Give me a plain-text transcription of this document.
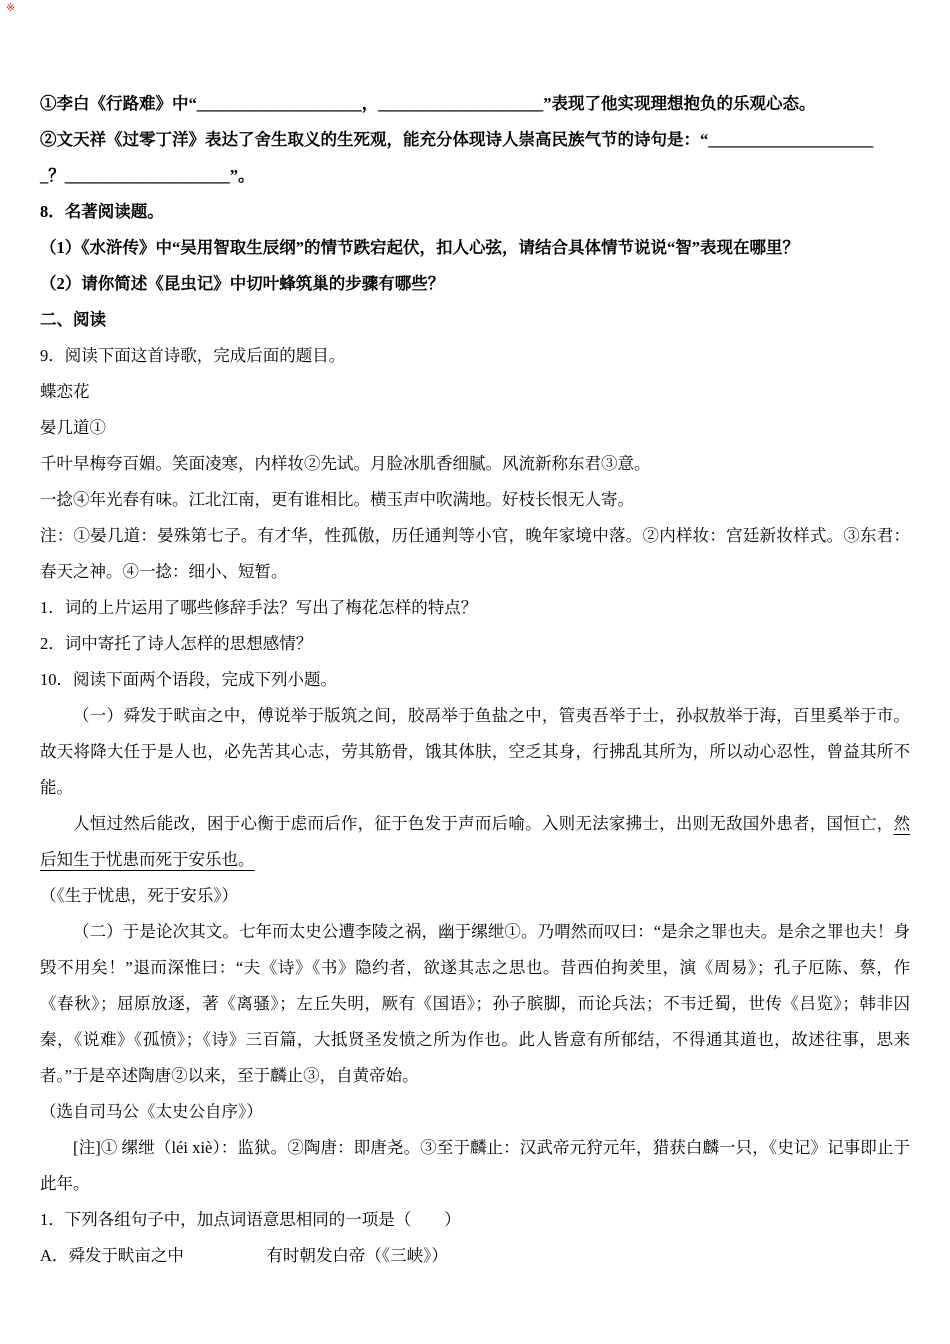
※

①李白《行路难》中“____________________，____________________”表现了他实现理想抱负的乐观心态。

②文天祥《过零丁洋》表达了舍生取义的生死观，能充分体现诗人崇高民族气节的诗句是：“____________________

_？____________________”。

8．名著阅读题。

（1）《水浒传》中“吴用智取生辰纲”的情节跌宕起伏，扣人心弦，请结合具体情节说说“智”表现在哪里？

（2）请你简述《昆虫记》中切叶蜂筑巢的步骤有哪些？

二、阅读

9．阅读下面这首诗歌，完成后面的题目。

蝶恋花

晏几道①

千叶早梅夸百媚。笑面凌寒，内样妆②先试。月脸冰肌香细腻。风流新称东君③意。

一捻④年光春有味。江北江南，更有谁相比。横玉声中吹满地。好枝长恨无人寄。

注：①晏几道：晏殊第七子。有才华，性孤傲，历任通判等小官，晚年家境中落。②内样妆：宫廷新妆样式。③东君：春天之神。④一捻：细小、短暂。

1．词的上片运用了哪些修辞手法？写出了梅花怎样的特点？

2．词中寄托了诗人怎样的思想感情？

10．阅读下面两个语段，完成下列小题。

（一）舜发于畎亩之中，傅说举于版筑之间，胶鬲举于鱼盐之中，管夷吾举于士，孙叔敖举于海，百里奚举于市。故天将降大任于是人也，必先苦其心志，劳其筋骨，饿其体肤，空乏其身，行拂乱其所为，所以动心忍性，曾益其所不能。

人恒过然后能改，困于心衡于虑而后作，征于色发于声而后喻。入则无法家拂士，出则无敌国外患者，国恒亡，然后知生于忧患而死于安乐也。

（《生于忧患，死于安乐》）

（二）于是论次其文。七年而太史公遭李陵之祸，幽于缧绁①。乃喟然而叹曰：“是余之罪也夫。是余之罪也夫！身毁不用矣！”退而深惟曰：“夫《诗》《书》隐约者，欲遂其志之思也。昔西伯拘羑里，演《周易》；孔子厄陈、蔡，作《春秋》；屈原放逐，著《离骚》；左丘失明，厥有《国语》；孙子膑脚，而论兵法；不韦迁蜀，世传《吕览》；韩非囚秦，《说难》《孤愤》；《诗》三百篇，大抵贤圣发愤之所为作也。此人皆意有所郁结，不得通其道也，故述往事，思来者。”于是卒述陶唐②以来，至于麟止③，自黄帝始。

（选自司马公《太史公自序》）

[注]① 缧绁（léi xiè）：监狱。②陶唐：即唐尧。③至于麟止：汉武帝元狩元年，猎获白麟一只，《史记》记事即止于此年。

1．下列各组句子中，加点词语意思相同的一项是（　　）

A．舜发于畎亩之中　　　　　有时朝发白帝（《三峡》）
